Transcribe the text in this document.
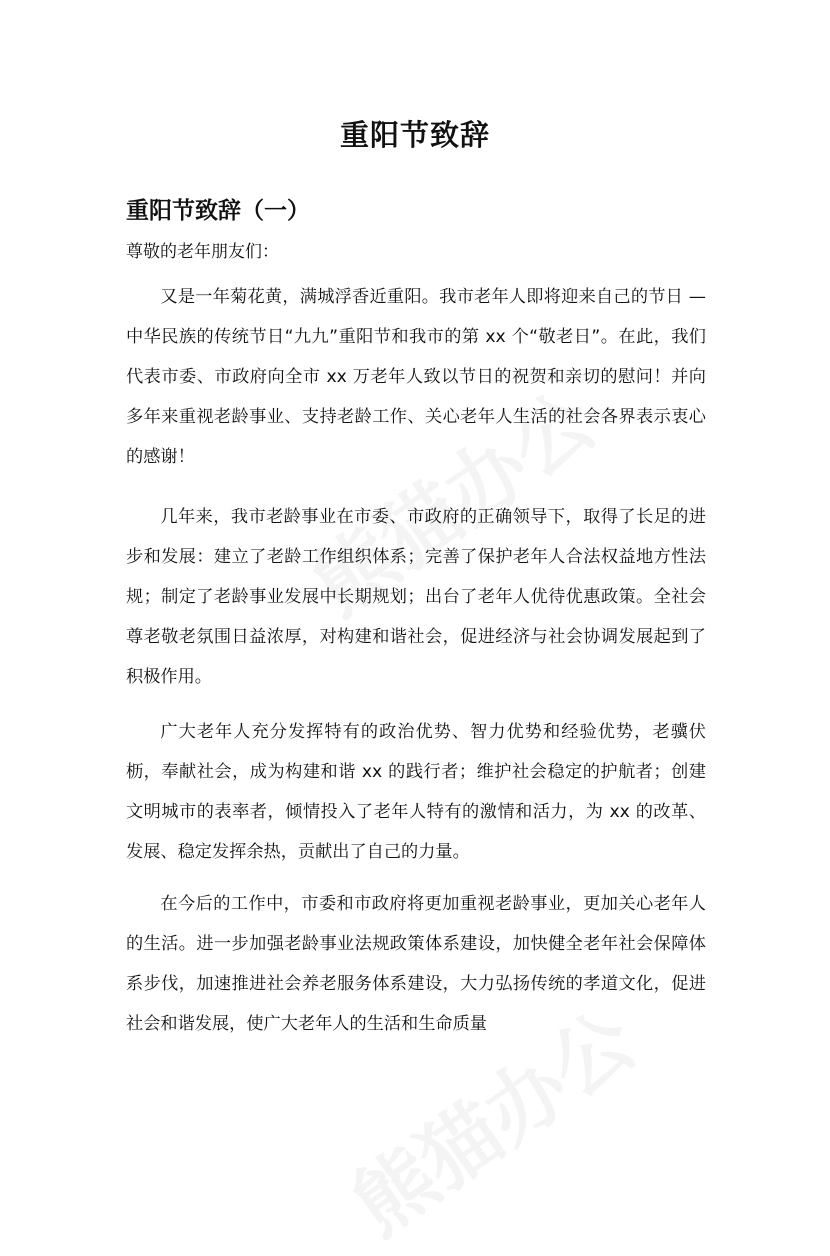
重阳节致辞
重阳节致辞（一）

尊敬的老年朋友们：

又是一年菊花黄，满城浮香近重阳。我市老年人即将迎来自己的节日 — 中华民族的传统节日“九九”重阳节和我市的第 xx 个“敬老日”。在此，我们代表市委、市政府向全市 xx 万老年人致以节日的祝贺和亲切的慰问！并向多年来重视老龄事业、支持老龄工作、关心老年人生活的社会各界表示衷心的感谢！

几年来，我市老龄事业在市委、市政府的正确领导下，取得了长足的进步和发展：建立了老龄工作组织体系；完善了保护老年人合法权益地方性法规；制定了老龄事业发展中长期规划；出台了老年人优待优惠政策。全社会尊老敬老氛围日益浓厚，对构建和谐社会，促进经济与社会协调发展起到了积极作用。

广大老年人充分发挥特有的政治优势、智力优势和经验优势，老骥伏枥，奉献社会，成为构建和谐 xx 的践行者；维护社会稳定的护航者；创建文明城市的表率者，倾情投入了老年人特有的激情和活力，为 xx 的改革、发展、稳定发挥余热，贡献出了自己的力量。

在今后的工作中，市委和市政府将更加重视老龄事业，更加关心老年人的生活。进一步加强老龄事业法规政策体系建设，加快健全老年社会保障体系步伐，加速推进社会养老服务体系建设，大力弘扬传统的孝道文化，促进社会和谐发展，使广大老年人的生活和生命质量
